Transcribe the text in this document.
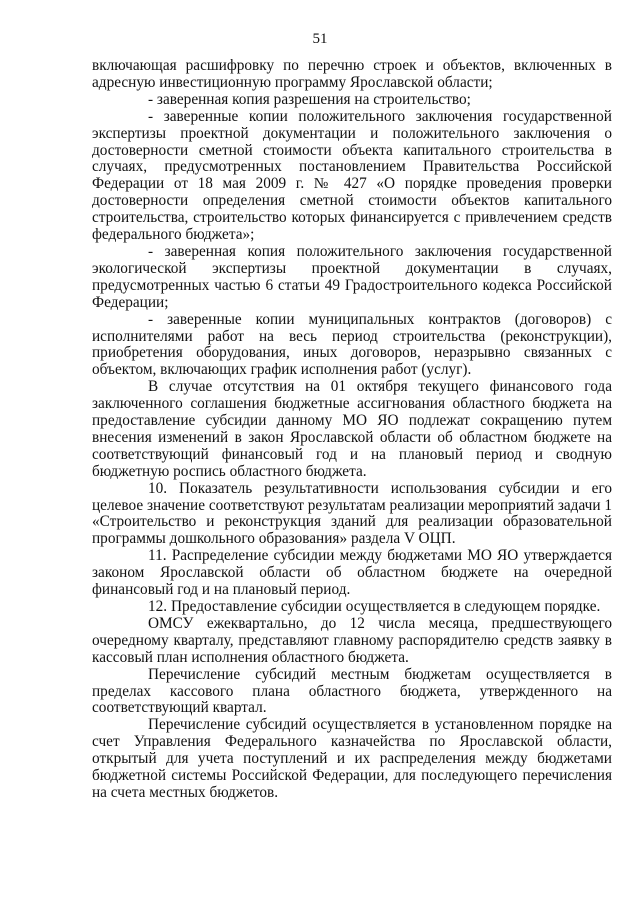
51

включающая расшифровку по перечню строек и объектов, включенных в адресную инвестиционную программу Ярославской области;

- заверенная копия разрешения на строительство;

- заверенные копии положительного заключения государственной экспертизы проектной документации и положительного заключения о достоверности сметной стоимости объекта капитального строительства в случаях, предусмотренных постановлением Правительства Российской Федерации от 18 мая 2009 г. № 427 «О порядке проведения проверки достоверности определения сметной стоимости объектов капитального строительства, строительство которых финансируется с привлечением средств федерального бюджета»;

- заверенная копия положительного заключения государственной экологической экспертизы проектной документации в случаях, предусмотренных частью 6 статьи 49 Градостроительного кодекса Российской Федерации;

- заверенные копии муниципальных контрактов (договоров) с исполнителями работ на весь период строительства (реконструкции), приобретения оборудования, иных договоров, неразрывно связанных с объектом, включающих график исполнения работ (услуг).

В случае отсутствия на 01 октября текущего финансового года заключенного соглашения бюджетные ассигнования областного бюджета на предоставление субсидии данному МО ЯО подлежат сокращению путем внесения изменений в закон Ярославской области об областном бюджете на соответствующий финансовый год и на плановый период и сводную бюджетную роспись областного бюджета.

10. Показатель результативности использования субсидии и его целевое значение соответствуют результатам реализации мероприятий задачи 1 «Строительство и реконструкция зданий для реализации образовательной программы дошкольного образования» раздела V ОЦП.

11. Распределение субсидии между бюджетами МО ЯО утверждается законом Ярославской области об областном бюджете на очередной финансовый год и на плановый период.

12. Предоставление субсидии осуществляется в следующем порядке.

ОМСУ ежеквартально, до 12 числа месяца, предшествующего очередному кварталу, представляют главному распорядителю средств заявку в кассовый план исполнения областного бюджета.

Перечисление субсидий местным бюджетам осуществляется в пределах кассового плана областного бюджета, утвержденного на соответствующий квартал.

Перечисление субсидий осуществляется в установленном порядке на счет Управления Федерального казначейства по Ярославской области, открытый для учета поступлений и их распределения между бюджетами бюджетной системы Российской Федерации, для последующего перечисления на счета местных бюджетов.
